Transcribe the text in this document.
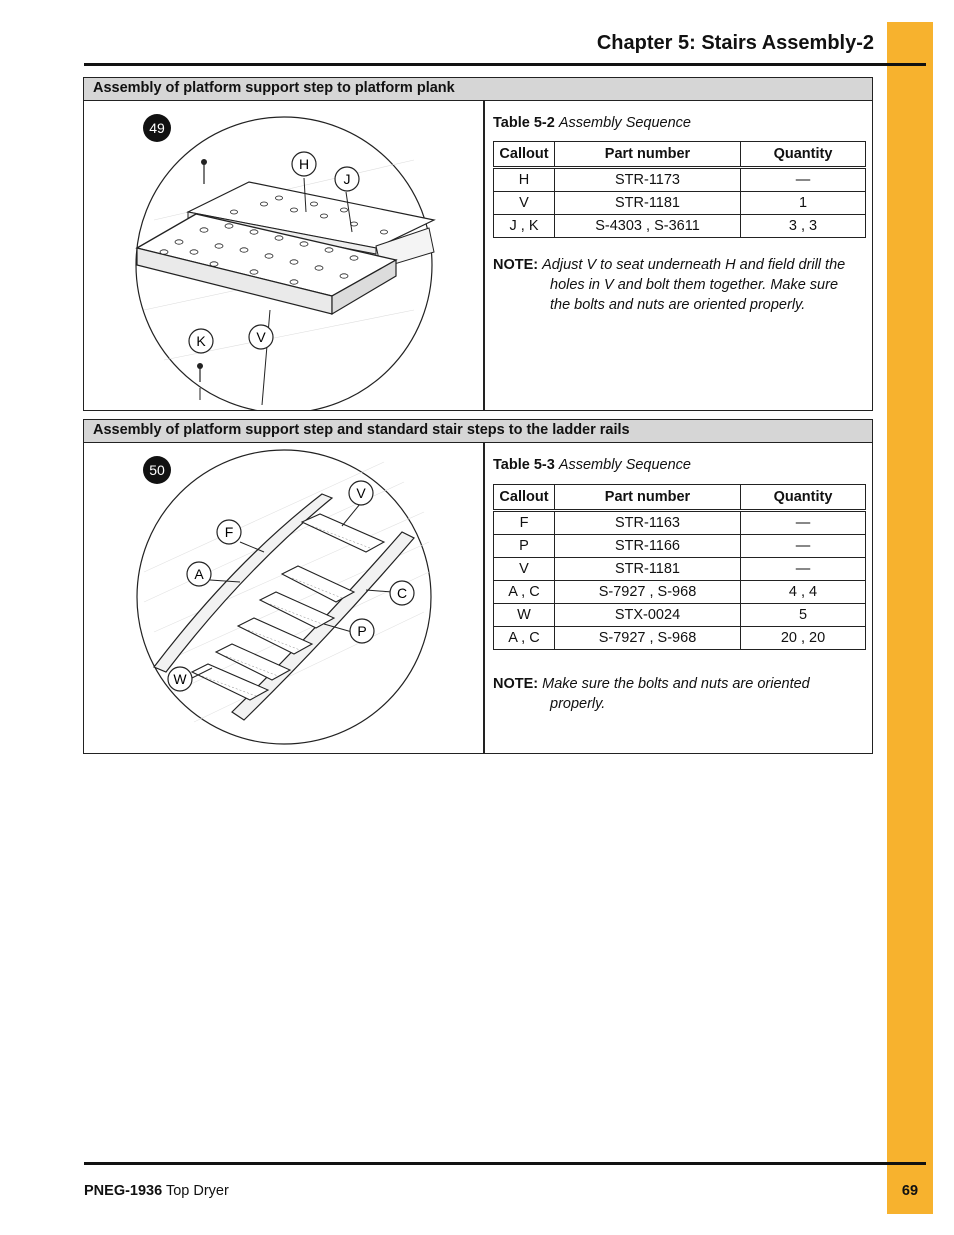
Chapter 5: Stairs Assembly-2
Assembly of platform support step to platform plank
49
H
J
K	V
Table 5-2 Assembly Sequence
Callout	Part number	Quantity
H	STR-1173	—
V	STR-1181	1
J , K	S-4303 , S-3611	3 , 3
NOTE: Adjust V to seat underneath H and field drill the
holes in V and bolt them together. Make sure
the bolts and nuts are oriented properly.
Assembly of platform support step and standard stair steps to the ladder rails
50
V
F
A
C
P
W
Table 5-3 Assembly Sequence
Callout	Part number	Quantity
F	STR-1163	—
P	STR-1166	—
V	STR-1181	—
A , C	S-7927 , S-968	4 , 4
W	STX-0024	5
A , C	S-7927 , S-968	20 , 20
NOTE: Make sure the bolts and nuts are oriented
properly.
PNEG-1936 Top Dryer	69
